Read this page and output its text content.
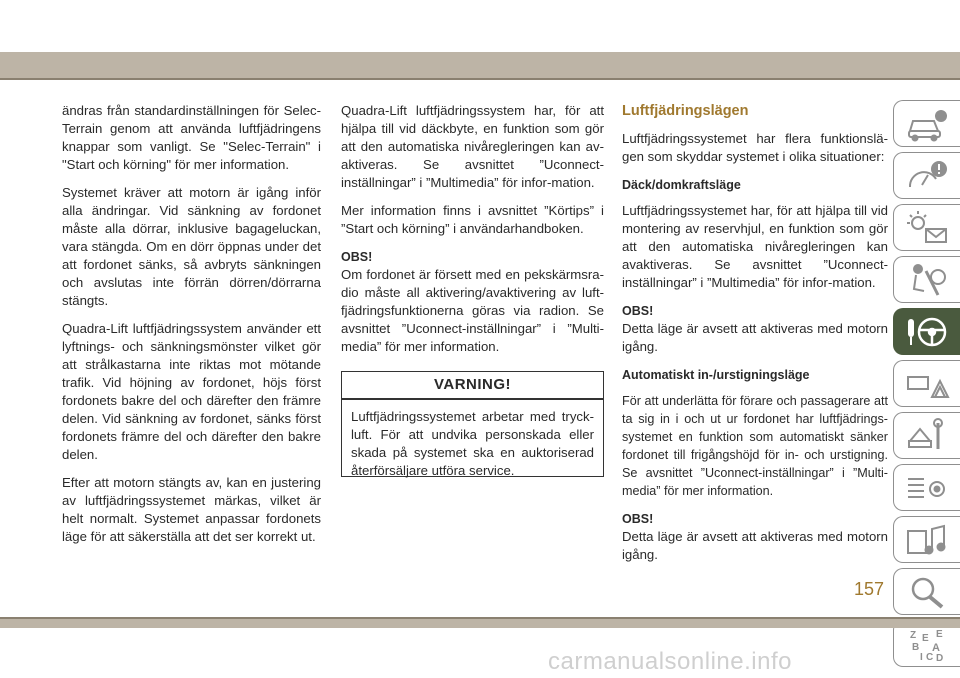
ändras från standardinställningen för Selec-Terrain genom att använda luftfjädringens knappar som vanligt. Se "Selec-Terrain" i "Start och körning" för mer information.

Systemet kräver att motorn är igång inför alla ändringar. Vid sänkning av fordonet måste alla dörrar, inklusive bagageluckan, vara stängda. Om en dörr öppnas under det att fordonet sänks, så avbryts sänkningen och avslutas inte förrän dörren/dörrarna stängts.

Quadra-Lift luftfjädringssystem använder ett lyftnings- och sänkningsmönster vilket gör att strålkastarna inte riktas mot mötande trafik. Vid höjning av fordonet, höjs först fordonets bakre del och därefter den främre delen. Vid sänkning av fordonet, sänks först fordonets främre del och därefter den bakre delen.

Efter att motorn stängts av, kan en justering av luftfjädringssystemet märkas, vilket är helt normalt. Systemet anpassar fordonets läge för att säkerställa att det ser korrekt ut.

Quadra-Lift luftfjädringssystem har, för att hjälpa till vid däckbyte, en funktion som gör att den automatiska nivåregleringen kan av-aktiveras. Se avsnittet ”Uconnect-inställningar” i ”Multimedia” för infor-mation.

Mer information finns i avsnittet ”Körtips” i ”Start och körning” i användarhandboken.

OBS!
Om fordonet är försett med en pekskärmsra-dio måste all aktivering/avaktivering av luft-fjädringsfunktionerna göras via radion. Se avsnittet ”Uconnect-inställningar” i ”Multi-media” för mer information.

VARNING!
Luftfjädringssystemet arbetar med tryck-luft. För att undvika personskada eller skada på systemet ska en auktoriserad återförsäljare utföra service.
Luftfjädringslägen

Luftfjädringssystemet har flera funktionslä-gen som skyddar systemet i olika situationer:

Däck/domkraftsläge

Luftfjädringssystemet har, för att hjälpa till vid montering av reservhjul, en funktion som gör att den automatiska nivåregleringen kan avaktiveras. Se avsnittet ”Uconnect-inställningar” i ”Multimedia” för infor-mation.

OBS!
Detta läge är avsett att aktiveras med motorn igång.

Automatiskt in-/urstigningsläge

För att underlätta för förare och passagerare att ta sig in i och ut ur fordonet har luftfjädrings-systemet en funktion som automatiskt sänker fordonet till frigångshöjd för in- och urstigning. Se avsnittet ”Uconnect-inställningar” i ”Multi-media” för mer information.

OBS!
Detta läge är avsett att aktiveras med motorn igång.

Z E E
B A
I C D
157
carmanualsonline.info
